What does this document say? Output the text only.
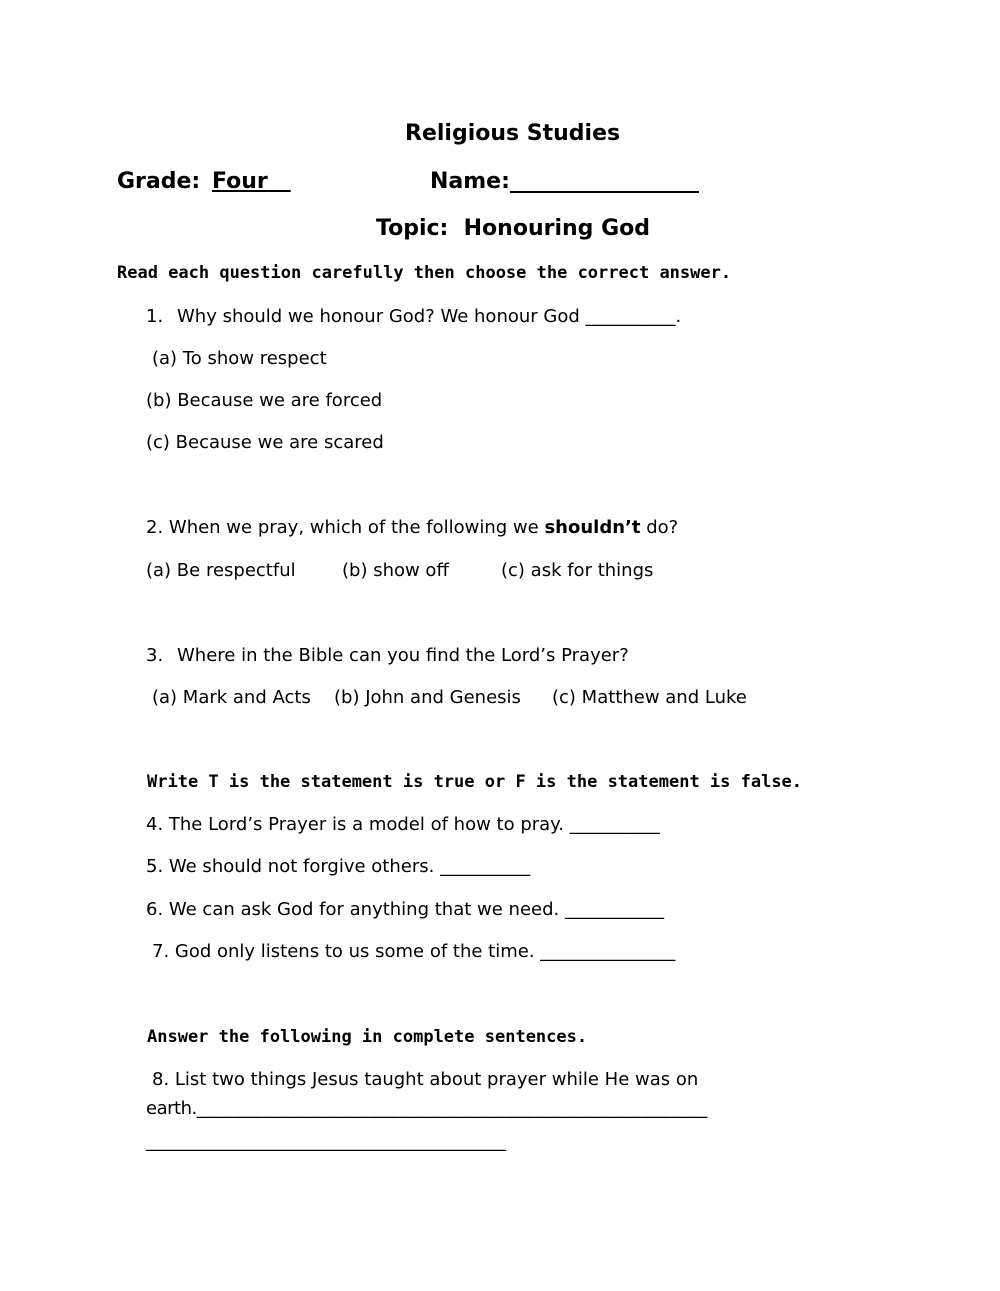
Religious Studies
Grade: Four	Name: __________________
Topic:  Honouring God
Read each question carefully then choose the correct answer.
1. Why should we honour God? We honour God __________.
(a) To show respect
(b) Because we are forced
(c) Because we are scared
2. When we pray, which of the following we shouldn’t do?
(a) Be respectful	(b) show off	(c) ask for things
3. Where in the Bible can you find the Lord’s Prayer?
(a) Mark and Acts (b) John and Genesis (c) Matthew and Luke
Write T is the statement is true or F is the statement is false.
4. The Lord’s Prayer is a model of how to pray. __________
5. We should not forgive others. __________
6. We can ask God for anything that we need. ___________
7. God only listens to us some of the time. _______________
Answer the following in complete sentences.
8. List two things Jesus taught about prayer while He was on
earth.____________________________________________________________
________________________________________
